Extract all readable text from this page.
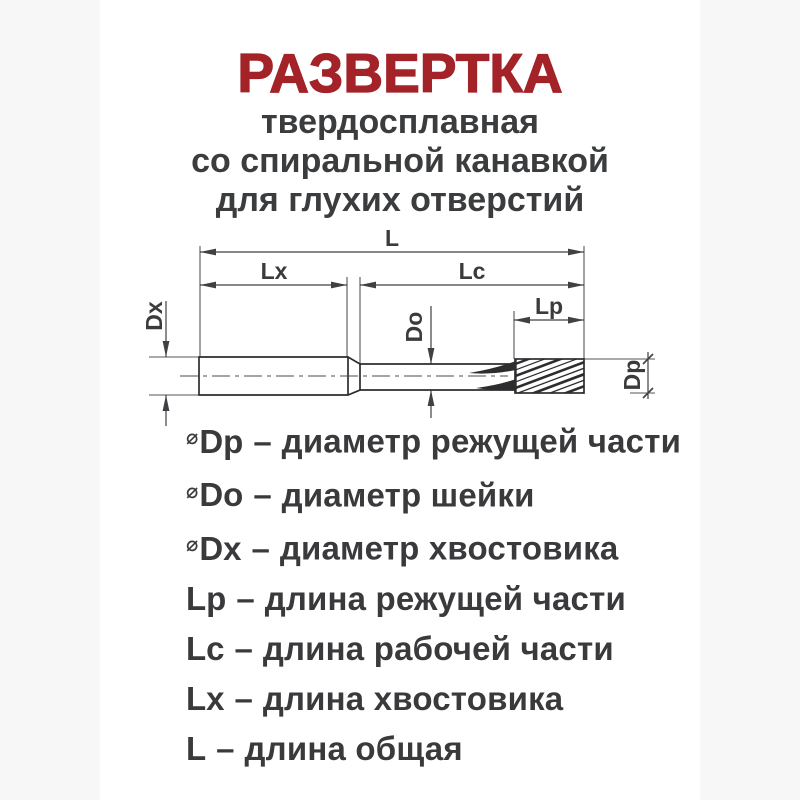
РАЗВЕРТКА
твердосплавная
со спиральной канавкой
для глухих отверстий
L
Lx	Lc
Lp
Dx	Do
Dp
⌀Dp – диаметр режущей части
⌀Do – диаметр шейки
⌀Dx – диаметр хвостовика
Lp – длина режущей части
Lc – длина рабочей части
Lx – длина хвостовика
L – длина общая
